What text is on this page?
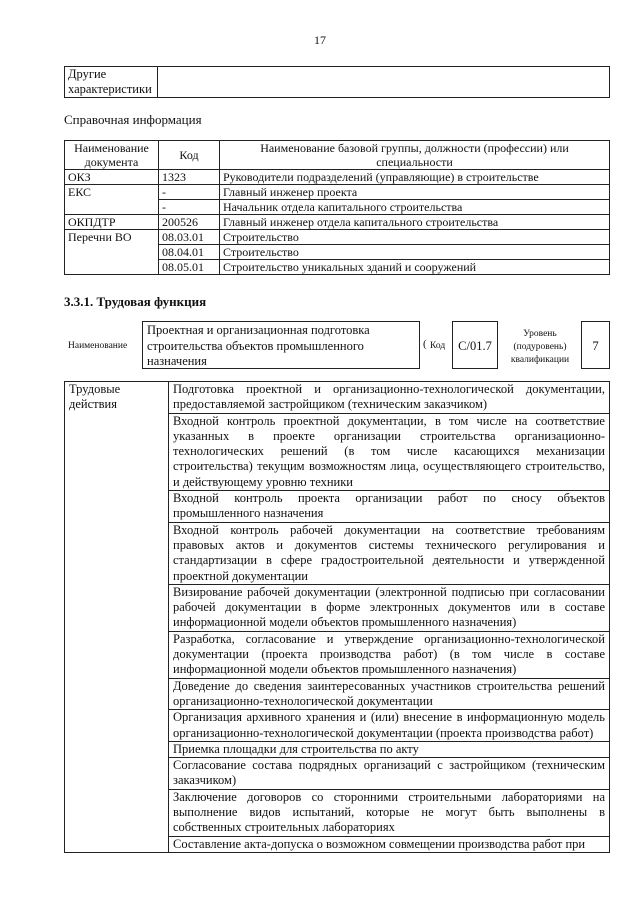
17
Другие характеристики	
Справочная информация
Наименование документа	Код	Наименование базовой группы, должности (профессии) или специальности
ОКЗ	1323	Руководители подразделений (управляющие) в строительстве
ЕКС	-	Главный инженер проекта
	-	Начальник отдела капитального строительства
ОКПДТР	200526	Главный инженер отдела капитального строительства
Перечни ВО	08.03.01	Строительство
	08.04.01	Строительство
	08.05.01	Строительство уникальных зданий и сооружений
3.3.1. Трудовая функция
Наименование
Проектная и организационная подготовка строительства объектов промышленного назначения
( Код	С/01.7
Уровень (подуровень) квалификации
7
Трудовые действия	Подготовка проектной и организационно-технологической документации, предоставляемой застройщиком (техническим заказчиком)
Входной контроль проектной документации, в том числе на соответствие указанных в проекте организации строительства организационно-технологических решений (в том числе касающихся механизации строительства) текущим возможностям лица, осуществляющего строительство, и действующему уровню техники
Входной контроль проекта организации работ по сносу объектов промышленного назначения
Входной контроль рабочей документации на соответствие требованиям правовых актов и документов системы технического регулирования и стандартизации в сфере градостроительной деятельности и утвержденной проектной документации
Визирование рабочей документации (электронной подписью при согласовании рабочей документации в форме электронных документов или в составе информационной модели объектов промышленного назначения)
Разработка, согласование и утверждение организационно-технологической документации (проекта производства работ) (в том числе в составе информационной модели объектов промышленного назначения)
Доведение до сведения заинтересованных участников строительства решений организационно-технологической документации
Организация архивного хранения и (или) внесение в информационную модель организационно-технологической документации (проекта производства работ)
Приемка площадки для строительства по акту
Согласование состава подрядных организаций с застройщиком (техническим заказчиком)
Заключение договоров со сторонними строительными лабораториями на выполнение видов испытаний, которые не могут быть выполнены в собственных строительных лабораториях
Составление акта-допуска о возможном совмещении производства работ при
